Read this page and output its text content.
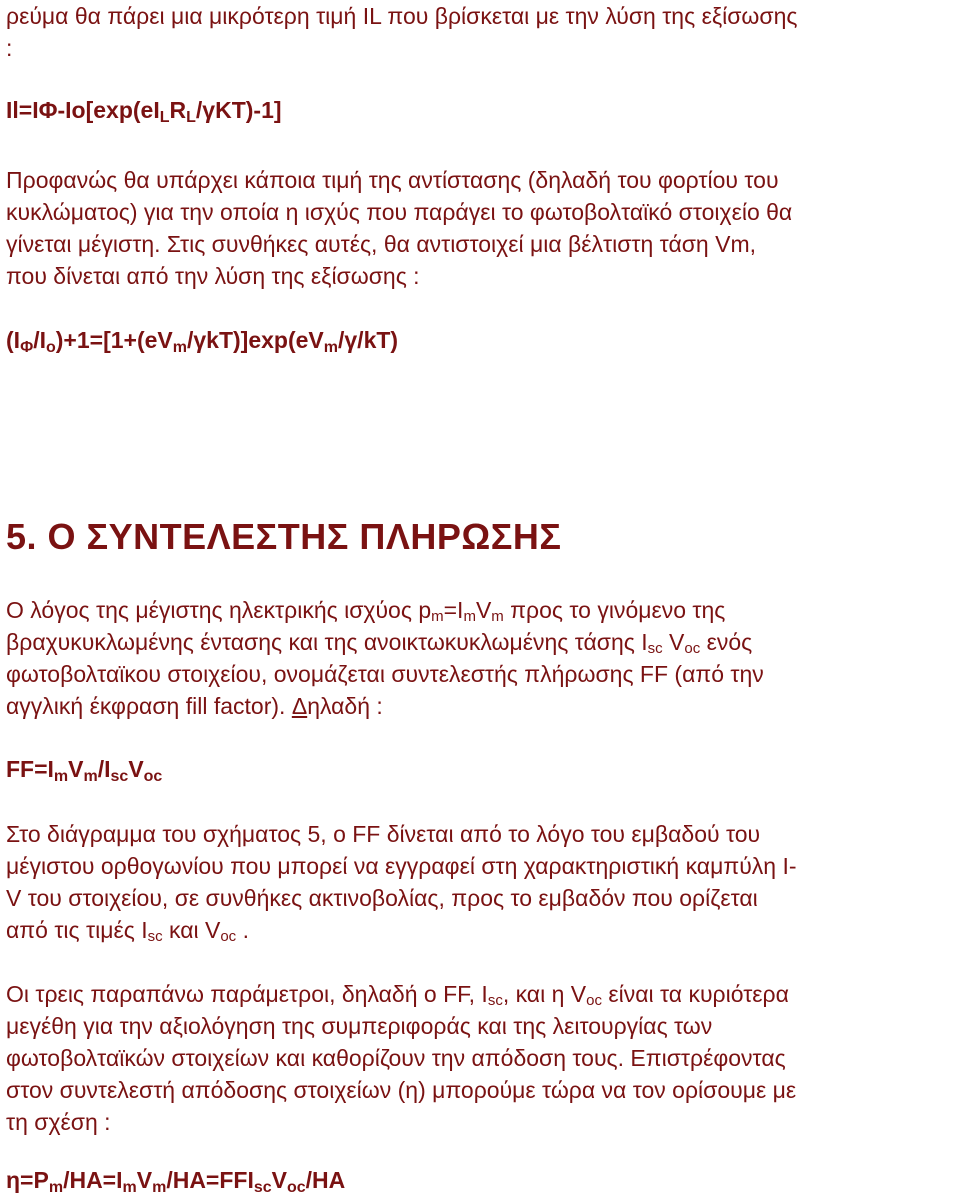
ρεύμα θα πάρει μια μικρότερη τιμή IL που βρίσκεται με την λύση της εξίσωσης
:
Il=IΦ-Io[exp(eILRL/γKT)-1]
Προφανώς θα υπάρχει κάποια τιμή της αντίστασης (δηλαδή του φορτίου του
κυκλώματος) για την οποία η ισχύς που παράγει το φωτοβολταϊκό στοιχείο θα
γίνεται μέγιστη. Στις συνθήκες αυτές, θα αντιστοιχεί μια βέλτιστη τάση Vm,
που δίνεται από την λύση της εξίσωσης :
(IΦ/Io)+1=[1+(eVm/γkT)]exp(eVm/γ/kT)
5. Ο ΣΥΝΤΕΛΕΣΤΗΣ ΠΛΗΡΩΣΗΣ
Ο λόγος της μέγιστης ηλεκτρικής ισχύος $p_m=I_mV_m$ προς το γινόμενο της
βραχυκυκλωμένης έντασης και της ανοικτωκυκλωμένης τάσης $I_{sc}$ $V_{oc}$ ενός
φωτοβολταϊκου στοιχείου, ονομάζεται συντελεστής πλήρωσης FF (από την
αγγλική έκφραση fill factor). Δηλαδή :
FF=ImVm/IscVoc
Στο διάγραμμα του σχήματος 5, ο FF δίνεται από το λόγο του εμβαδού του
μέγιστου ορθογωνίου που μπορεί να εγγραφεί στη χαρακτηριστική καμπύλη I-
V του στοιχείου, σε συνθήκες ακτινοβολίας, προς το εμβαδόν που ορίζεται
από τις τιμές $I_{sc}$ και $V_{oc}$ .
Οι τρεις παραπάνω παράμετροι, δηλαδή ο FF, $I_{sc}$, και η $V_{oc}$ είναι τα κυριότερα
μεγέθη για την αξιολόγηση της συμπεριφοράς και της λειτουργίας των
φωτοβολταϊκών στοιχείων και καθορίζουν την απόδοση τους. Επιστρέφοντας
στον συντελεστή απόδοσης στοιχείων (η) μπορούμε τώρα να τον ορίσουμε με
τη σχέση :
η=Pm/HA=ImVm/HA=FFIscVoc/HA
